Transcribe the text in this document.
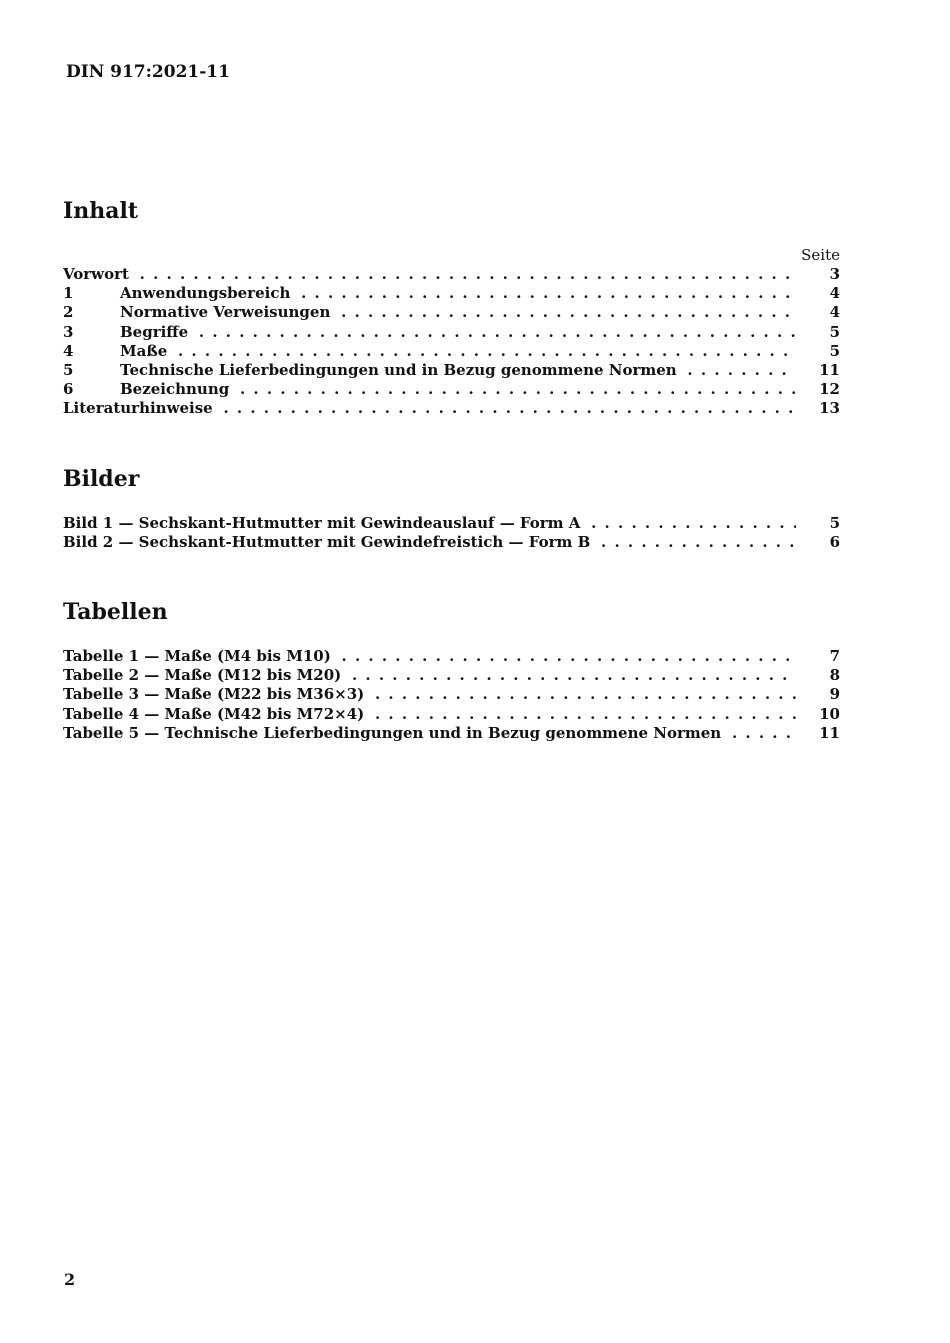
DIN 917:2021-11
Inhalt
Seite
Vorwort . . .	3
1	Anwendungsbereich . . .	4
2	Normative Verweisungen . . .	4
3	Begriffe . . .	5
4	Maße . . .	5
5	Technische Lieferbedingungen und in Bezug genommene Normen . . .	11
6	Bezeichnung . . .	12
Literaturhinweise . . .	13
Bilder
Bild 1 — Sechskant-Hutmutter mit Gewindeauslauf — Form A . . .	5
Bild 2 — Sechskant-Hutmutter mit Gewindefreistich — Form B . . .	6
Tabellen
Tabelle 1 — Maße (M4 bis M10) . . .	7
Tabelle 2 — Maße (M12 bis M20) . . .	8
Tabelle 3 — Maße (M22 bis M36×3) . . .	9
Tabelle 4 — Maße (M42 bis M72×4) . . .	10
Tabelle 5 — Technische Lieferbedingungen und in Bezug genommene Normen . . .	11
2
